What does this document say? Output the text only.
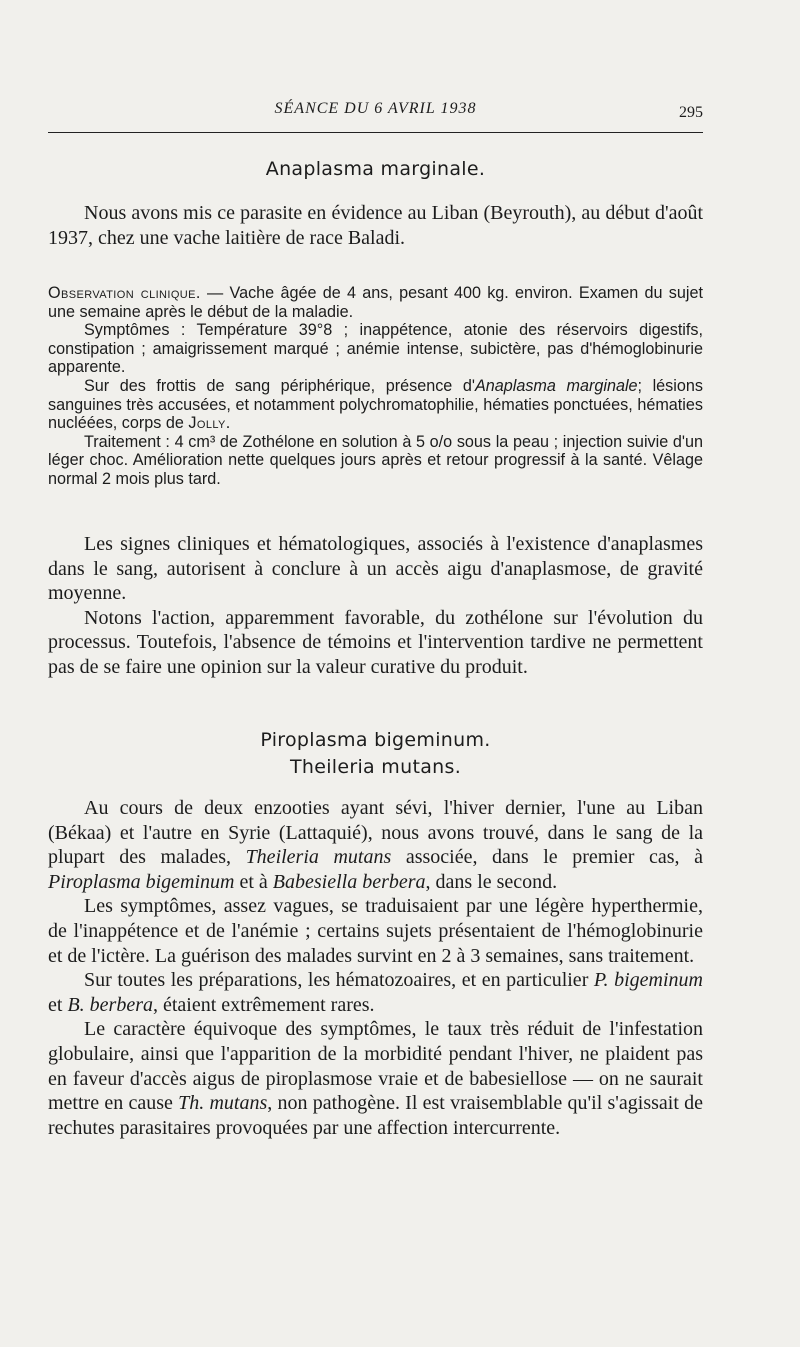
SÉANCE DU 6 AVRIL 1938	295
Anaplasma marginale.

Nous avons mis ce parasite en évidence au Liban (Beyrouth), au début d'août 1937, chez une vache laitière de race Baladi.

Observation clinique. — Vache âgée de 4 ans, pesant 400 kg. environ. Examen du sujet une semaine après le début de la maladie.

Symptômes : Température 39°8 ; inappétence, atonie des réservoirs digestifs, constipation ; amaigrissement marqué ; anémie intense, subictère, pas d'hémoglobinurie apparente.

Sur des frottis de sang périphérique, présence d'Anaplasma marginale; lésions sanguines très accusées, et notamment polychromatophilie, hématies ponctuées, hématies nucléées, corps de Jolly.

Traitement : 4 cm³ de Zothélone en solution à 5 o/o sous la peau ; injection suivie d'un léger choc. Amélioration nette quelques jours après et retour progressif à la santé. Vêlage normal 2 mois plus tard.

Les signes cliniques et hématologiques, associés à l'existence d'anaplasmes dans le sang, autorisent à conclure à un accès aigu d'anaplasmose, de gravité moyenne.

Notons l'action, apparemment favorable, du zothélone sur l'évolution du processus. Toutefois, l'absence de témoins et l'intervention tardive ne permettent pas de se faire une opinion sur la valeur curative du produit.

Piroplasma bigeminum.
Theileria mutans.

Au cours de deux enzooties ayant sévi, l'hiver dernier, l'une au Liban (Békaa) et l'autre en Syrie (Lattaquié), nous avons trouvé, dans le sang de la plupart des malades, Theileria mutans associée, dans le premier cas, à Piroplasma bigeminum et à Babesiella berbera, dans le second.

Les symptômes, assez vagues, se traduisaient par une légère hyperthermie, de l'inappétence et de l'anémie ; certains sujets présentaient de l'hémoglobinurie et de l'ictère. La guérison des malades survint en 2 à 3 semaines, sans traitement.

Sur toutes les préparations, les hématozoaires, et en particulier P. bigeminum et B. berbera, étaient extrêmement rares.

Le caractère équivoque des symptômes, le taux très réduit de l'infestation globulaire, ainsi que l'apparition de la morbidité pendant l'hiver, ne plaident pas en faveur d'accès aigus de piroplasmose vraie et de babesiellose — on ne saurait mettre en cause Th. mutans, non pathogène. Il est vraisemblable qu'il s'agissait de rechutes parasitaires provoquées par une affection intercurrente.
